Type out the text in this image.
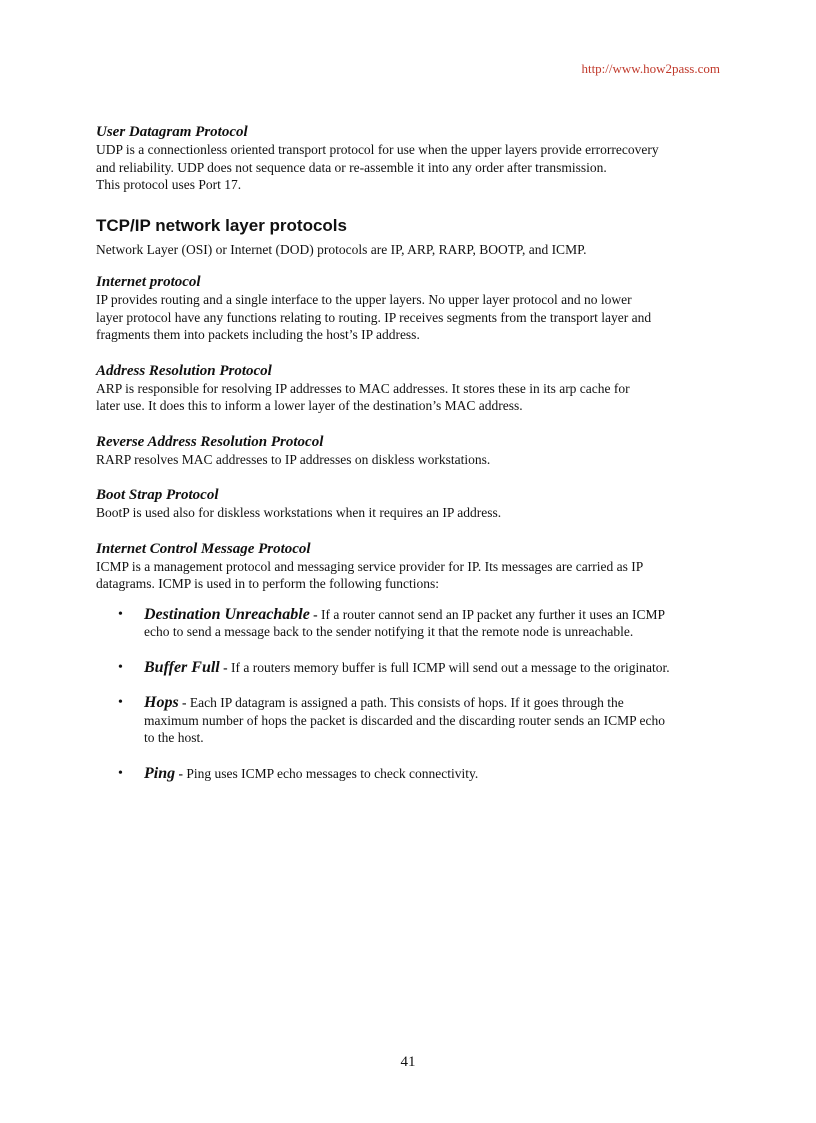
http://www.how2pass.com

User Datagram Protocol

UDP is a connectionless oriented transport protocol for use when the upper layers provide errorrecovery
and reliability. UDP does not sequence data or re-assemble it into any order after transmission.
This protocol uses Port 17.

TCP/IP network layer protocols

Network Layer (OSI) or Internet (DOD) protocols are IP, ARP, RARP, BOOTP, and ICMP.

Internet protocol

IP provides routing and a single interface to the upper layers. No upper layer protocol and no lower
layer protocol have any functions relating to routing. IP receives segments from the transport layer and
fragments them into packets including the host’s IP address.

Address Resolution Protocol

ARP is responsible for resolving IP addresses to MAC addresses. It stores these in its arp cache for
later use. It does this to inform a lower layer of the destination’s MAC address.

Reverse Address Resolution Protocol

RARP resolves MAC addresses to IP addresses on diskless workstations.

Boot Strap Protocol

BootP is used also for diskless workstations when it requires an IP address.

Internet Control Message Protocol

ICMP is a management protocol and messaging service provider for IP. Its messages are carried as IP
datagrams. ICMP is used in to perform the following functions:

• Destination Unreachable - If a router cannot send an IP packet any further it uses an ICMP
echo to send a message back to the sender notifying it that the remote node is unreachable.
• Buffer Full - If a routers memory buffer is full ICMP will send out a message to the originator.
• Hops - Each IP datagram is assigned a path. This consists of hops. If it goes through the
maximum number of hops the packet is discarded and the discarding router sends an ICMP echo
to the host.
• Ping - Ping uses ICMP echo messages to check connectivity.
41
